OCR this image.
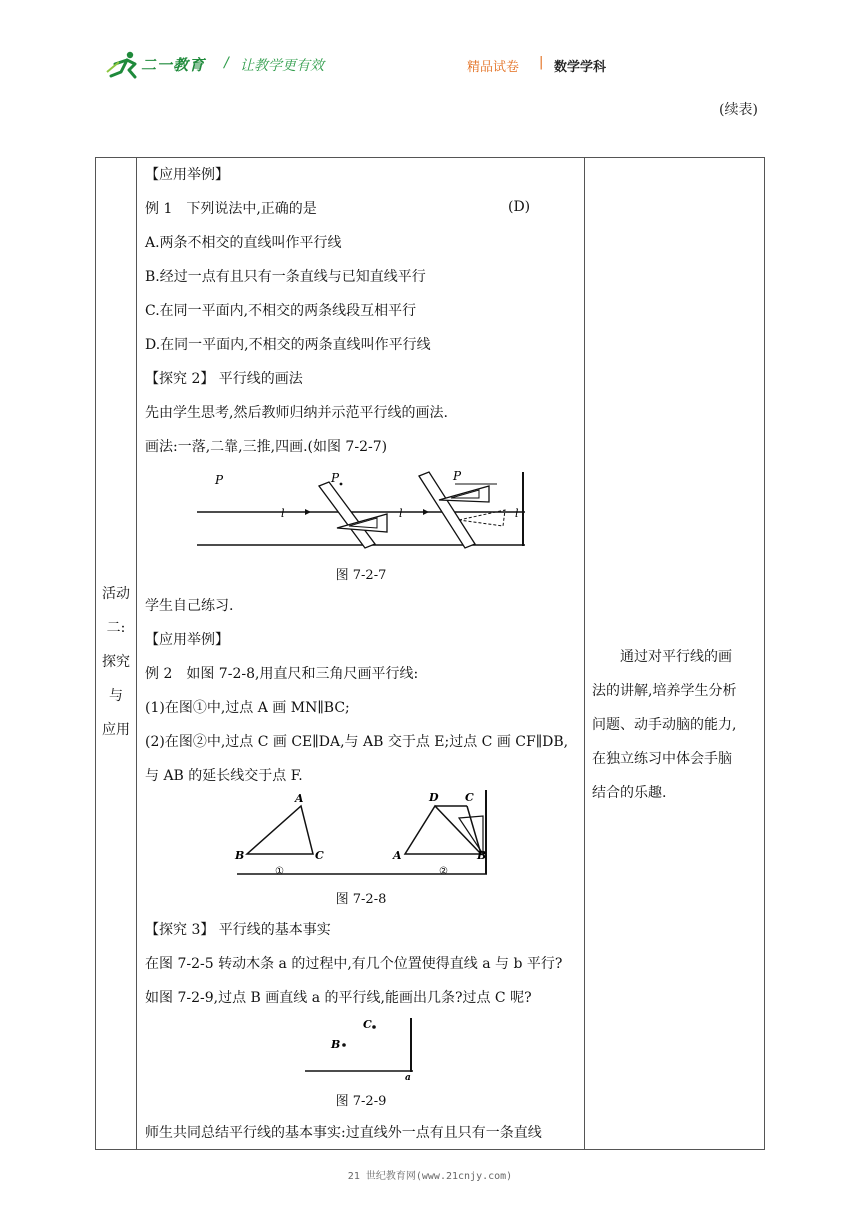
二一教育 / 让教学更有效	精品试卷 | 数学学科
(续表)
活动
二:
探究
与
应用
【应用举例】
例 1　下列说法中,正确的是	(D)
A.两条不相交的直线叫作平行线
B.经过一点有且只有一条直线与已知直线平行
C.在同一平面内,不相交的两条线段互相平行
D.在同一平面内,不相交的两条直线叫作平行线
【探究 2】 平行线的画法
先由学生思考,然后教师归纳并示范平行线的画法.
画法:一落,二靠,三推,四画.(如图 7-2-7)
P
l
P
l
P
l
图 7-2-7
学生自己练习.
【应用举例】
例 2　如图 7-2-8,用直尺和三角尺画平行线:
(1)在图①中,过点 A 画 MN∥BC;
(2)在图②中,过点 C 画 CE∥DA,与 AB 交于点 E;过点 C 画 CF∥DB,
与 AB 的延长线交于点 F.
A
B	C
①
D C
A	B
②
图 7-2-8
【探究 3】 平行线的基本事实
在图 7-2-5 转动木条 a 的过程中,有几个位置使得直线 a 与 b 平行?
如图 7-2-9,过点 B 画直线 a 的平行线,能画出几条?过点 C 呢?
C
B
a
图 7-2-9
师生共同总结平行线的基本事实:过直线外一点有且只有一条直线
　　通过对平行线的画
法的讲解,培养学生分析
问题、动手动脑的能力,
在独立练习中体会手脑
结合的乐趣.
21 世纪教育网(www.21cnjy.com)
